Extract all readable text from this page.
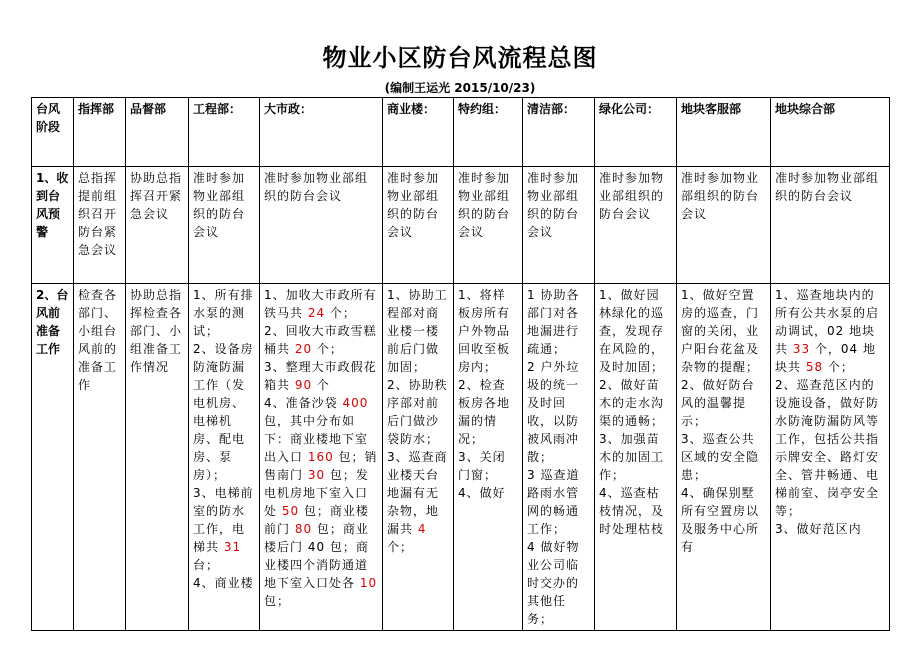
物业小区防台风流程总图
(编制王运光 2015/10/23)
台风阶段	指挥部	品督部	工程部：	大市政：	商业楼：	特约组：	清洁部：	绿化公司：	地块客服部	地块综合部
1、收到台风预警	总指挥提前组织召开防台紧急会议	协助总指挥召开紧急会议	准时参加物业部组织的防台会议	准时参加物业部组织的防台会议	准时参加物业部组织的防台会议	准时参加物业部组织的防台会议	准时参加物业部组织的防台会议	准时参加物业部组织的防台会议	准时参加物业部组织的防台会议	准时参加物业部组织的防台会议
2、台风前准备工作	检查各部门、小组台风前的准备工作	协助总指挥检查各部门、小组准备工作情况	1、所有排水泵的测试；
2、设备房防淹防漏工作（发电机房、电梯机房、配电房、泵房）；
3、电梯前室的防水工作，电梯共 31 台；
4、商业楼	1、加收大市政所有铁马共 24 个；
2、回收大市政雪糕桶共 20 个；
3、整理大市政假花箱共 90 个
4、准备沙袋 400 包，其中分布如下：商业楼地下室出入口 160 包；销售南门 30 包；发电机房地下室入口处 50 包；商业楼前门 80 包；商业楼后门 40 包；商业楼四个消防通道地下室入口处各 10 包；	1、协助工程部对商业楼一楼前后门做加固；
2、协助秩序部对前后门做沙袋防水；
3、巡查商业楼天台地漏有无杂物，地漏共 4 个；	1、将样板房所有户外物品回收至板房内；
2、检查板房各地漏的情况；
3、关闭门窗；
4、做好	1 协助各部门对各地漏进行疏通；
2 户外垃圾的统一及时回收，以防被风雨冲散；
3 巡查道路雨水管网的畅通工作；
4 做好物业公司临时交办的其他任务；	1、做好园林绿化的巡查，发现存在风险的，及时加固；
2、做好苗木的走水沟渠的通畅；
3、加强苗木的加固工作；
4、巡查枯枝情况，及时处理枯枝	1、做好空置房的巡查，门窗的关闭，业户阳台花盆及杂物的提醒；
2、做好防台风的温馨提示；
3、巡查公共区域的安全隐患；
4、确保别墅所有空置房以及服务中心所有	1、巡查地块内的所有公共水泵的启动调试，02 地块共 33 个，04 地块共 58 个；
2、巡查范区内的设施设备，做好防水防淹防漏防风等工作，包括公共指示牌安全、路灯安全、管井畅通、电梯前室、岗亭安全等；
3、做好范区内
